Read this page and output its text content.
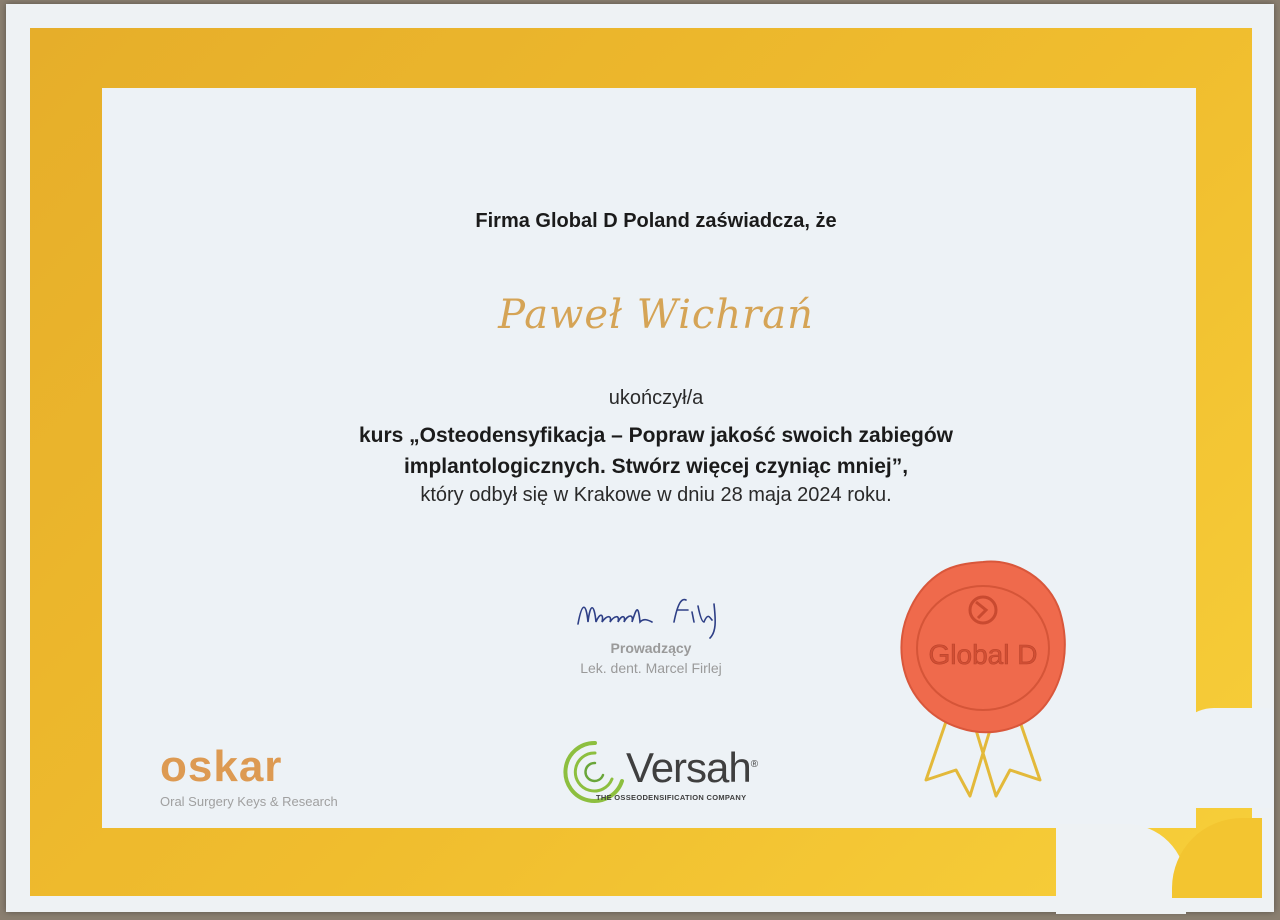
Firma Global D Poland zaświadcza, że
Paweł Wichrań
ukończył/a
kurs „Osteodensyfikacja – Popraw jakość swoich zabiegów
implantologicznych. Stwórz więcej czyniąc mniej”,
który odbył się w Krakowe w dniu 28 maja 2024 roku.
Prowadzący
Lek. dent. Marcel Firlej
oskar
Oral Surgery Keys & Research
Versah®
THE OSSEODENSIFICATION COMPANY
Global D
